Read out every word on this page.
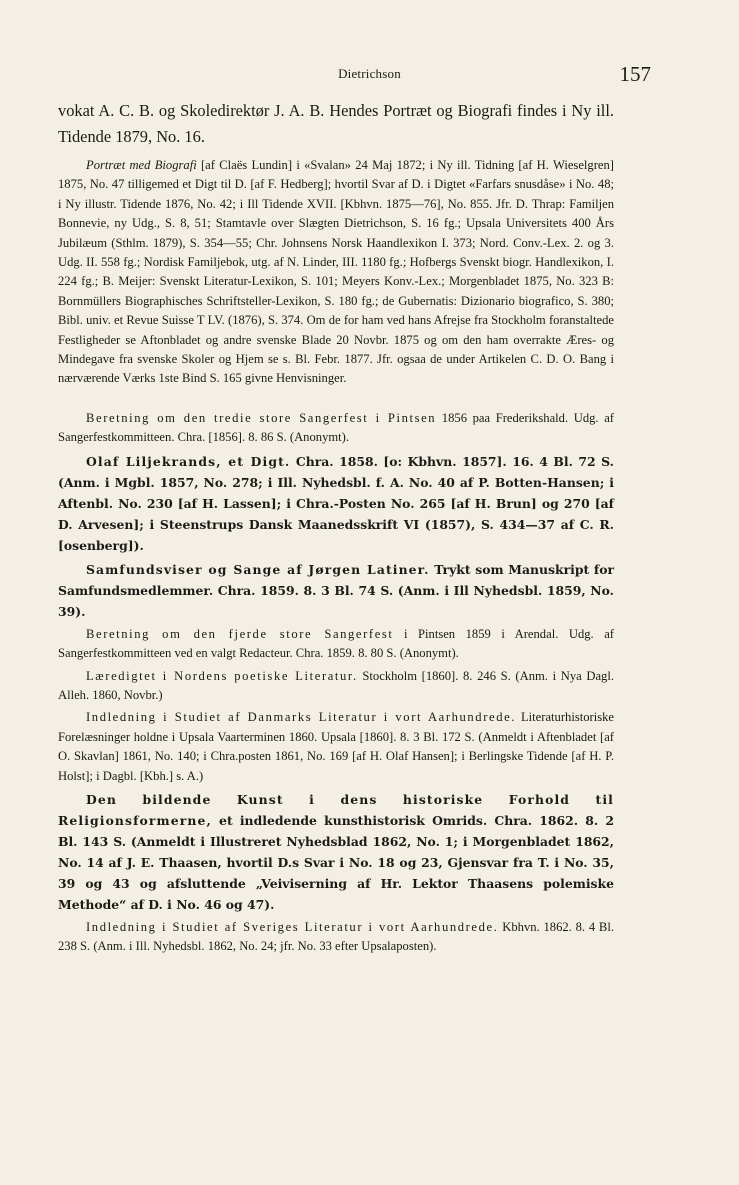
Dietrichson	157

vokat A. C. B. og Skoledirektør J. A. B. Hendes Portræt og Biografi findes i Ny ill. Tidende 1879, No. 16.

Portræt med Biografi [af Claës Lundin] i «Svalan» 24 Maj 1872; i Ny ill. Tidning [af H. Wieselgren] 1875, No. 47 tilligemed et Digt til D. [af F. Hedberg]; hvortil Svar af D. i Digtet «Farfars snusdåse» i No. 48; i Ny illustr. Tidende 1876, No. 42; i Ill Tidende XVII. [Kbhvn. 1875—76], No. 855. Jfr. D. Thrap: Familjen Bonnevie, ny Udg., S. 8, 51; Stamtavle over Slægten Dietrichson, S. 16 fg.; Upsala Universitets 400 Års Jubilæum (Sthlm. 1879), S. 354—55; Chr. Johnsens Norsk Haandlexikon I. 373; Nord. Conv.-Lex. 2. og 3. Udg. II. 558 fg.; Nordisk Familjebok, utg. af N. Linder, III. 1180 fg.; Hofbergs Svenskt biogr. Handlexikon, I. 224 fg.; B. Meijer: Svenskt Literatur-Lexikon, S. 101; Meyers Konv.-Lex.; Morgenbladet 1875, No. 323 B: Bornmüllers Biographisches Schriftsteller-Lexikon, S. 180 fg.; de Gubernatis: Dizionario biografico, S. 380; Bibl. univ. et Revue Suisse T LV. (1876), S. 374. Om de for ham ved hans Afrejse fra Stockholm foranstaltede Festligheder se Aftonbladet og andre svenske Blade 20 Novbr. 1875 og om den ham overrakte Æres- og Mindegave fra svenske Skoler og Hjem se s. Bl. Febr. 1877. Jfr. ogsaa de under Artikelen C. D. O. Bang i nærværende Værks 1ste Bind S. 165 givne Henvisninger.

Beretning om den tredie store Sangerfest i Pintsen 1856 paa Frederikshald. Udg. af Sangerfestkommitteen. Chra. [1856]. 8. 86 S. (Anonymt).

Olaf Liljekrands, et Digt. Chra. 1858. [o: Kbhvn. 1857]. 16. 4 Bl. 72 S. (Anm. i Mgbl. 1857, No. 278; i Ill. Nyhedsbl. f. A. No. 40 af P. Botten-Hansen; i Aftenbl. No. 230 [af H. Lassen]; i Chra.-Posten No. 265 [af H. Brun] og 270 [af D. Arvesen]; i Steenstrups Dansk Maanedsskrift VI (1857), S. 434—37 af C. R.[osenberg]).

Samfundsviser og Sange af Jørgen Latiner. Trykt som Manuskript for Samfundsmedlemmer. Chra. 1859. 8. 3 Bl. 74 S. (Anm. i Ill Nyhedsbl. 1859, No. 39).

Beretning om den fjerde store Sangerfest i Pintsen 1859 i Arendal. Udg. af Sangerfestkommitteen ved en valgt Redacteur. Chra. 1859. 8. 80 S. (Anonymt).

Læredigtet i Nordens poetiske Literatur. Stockholm [1860]. 8. 246 S. (Anm. i Nya Dagl. Alleh. 1860, Novbr.)

Indledning i Studiet af Danmarks Literatur i vort Aarhundrede. Literaturhistoriske Forelæsninger holdne i Upsala Vaarterminen 1860. Upsala [1860]. 8. 3 Bl. 172 S. (Anmeldt i Aftenbladet [af O. Skavlan] 1861, No. 140; i Chra.posten 1861, No. 169 [af H. Olaf Hansen]; i Berlingske Tidende [af H. P. Holst]; i Dagbl. [Kbh.] s. A.)

Den bildende Kunst i dens historiske Forhold til Religionsformerne, et indledende kunsthistorisk Omrids. Chra. 1862. 8. 2 Bl. 143 S. (Anmeldt i Illustreret Nyhedsblad 1862, No. 1; i Morgenbladet 1862, No. 14 af J. E. Thaasen, hvortil D.s Svar i No. 18 og 23, Gjensvar fra T. i No. 35, 39 og 43 og afsluttende „Veiviserning af Hr. Lektor Thaasens polemiske Methode“ af D. i No. 46 og 47).

Indledning i Studiet af Sveriges Literatur i vort Aarhundrede. Kbhvn. 1862. 8. 4 Bl. 238 S. (Anm. i Ill. Nyhedsbl. 1862, No. 24; jfr. No. 33 efter Upsalaposten).
